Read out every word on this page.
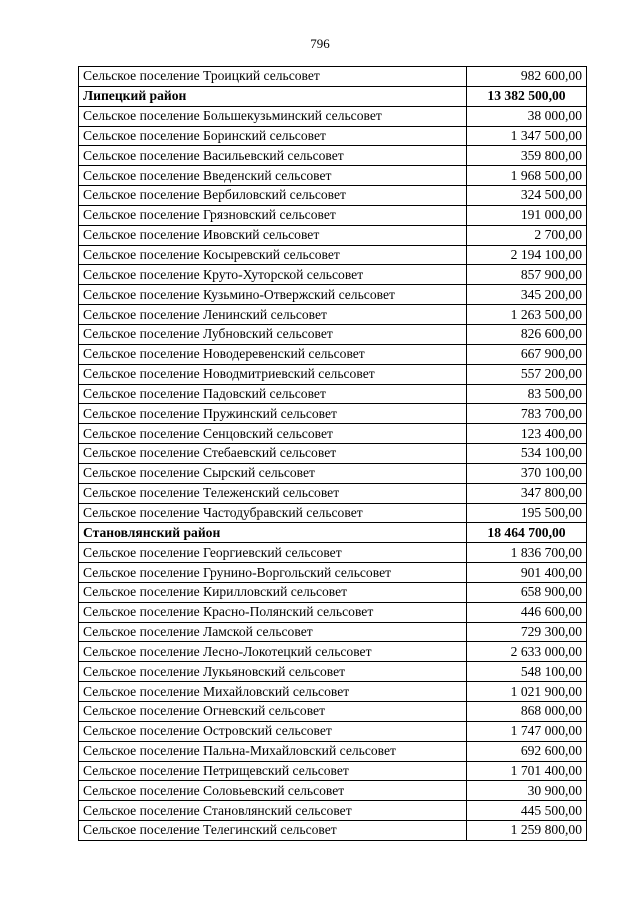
796
Сельское поселение Троицкий сельсовет	982 600,00
Липецкий район	13 382 500,00
Сельское поселение Большекузьминский сельсовет	38 000,00
Сельское поселение Боринский сельсовет	1 347 500,00
Сельское поселение Васильевский сельсовет	359 800,00
Сельское поселение Введенский сельсовет	1 968 500,00
Сельское поселение Вербиловский сельсовет	324 500,00
Сельское поселение Грязновский сельсовет	191 000,00
Сельское поселение Ивовский сельсовет	2 700,00
Сельское поселение Косыревский сельсовет	2 194 100,00
Сельское поселение Круто-Хуторской сельсовет	857 900,00
Сельское поселение Кузьмино-Отвержский сельсовет	345 200,00
Сельское поселение Ленинский сельсовет	1 263 500,00
Сельское поселение Лубновский сельсовет	826 600,00
Сельское поселение Новодеревенский сельсовет	667 900,00
Сельское поселение Новодмитриевский сельсовет	557 200,00
Сельское поселение Падовский сельсовет	83 500,00
Сельское поселение Пружинский сельсовет	783 700,00
Сельское поселение Сенцовский сельсовет	123 400,00
Сельское поселение Стебаевский сельсовет	534 100,00
Сельское поселение Сырский сельсовет	370 100,00
Сельское поселение Тележенский сельсовет	347 800,00
Сельское поселение Частодубравский сельсовет	195 500,00
Становлянский район	18 464 700,00
Сельское поселение Георгиевский сельсовет	1 836 700,00
Сельское поселение Грунино-Воргольский сельсовет	901 400,00
Сельское поселение Кирилловский сельсовет	658 900,00
Сельское поселение Красно-Полянский сельсовет	446 600,00
Сельское поселение Ламской сельсовет	729 300,00
Сельское поселение Лесно-Локотецкий сельсовет	2 633 000,00
Сельское поселение Лукьяновский сельсовет	548 100,00
Сельское поселение Михайловский сельсовет	1 021 900,00
Сельское поселение Огневский сельсовет	868 000,00
Сельское поселение Островский сельсовет	1 747 000,00
Сельское поселение Пальна-Михайловский сельсовет	692 600,00
Сельское поселение Петрищевский сельсовет	1 701 400,00
Сельское поселение Соловьевский сельсовет	30 900,00
Сельское поселение Становлянский сельсовет	445 500,00
Сельское поселение Телегинский сельсовет	1 259 800,00
